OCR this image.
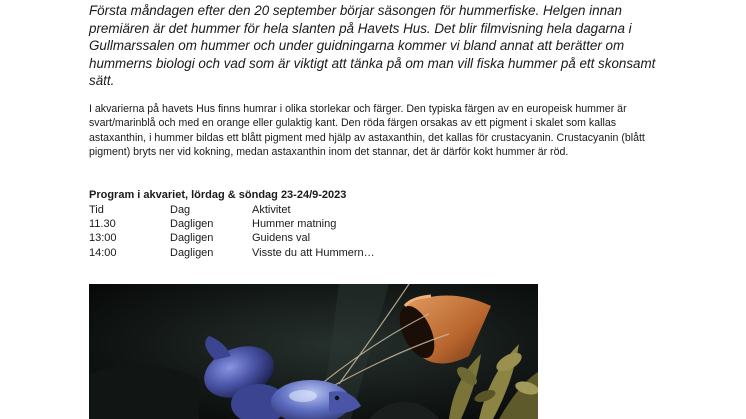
Första måndagen efter den 20 september börjar säsongen för hummerfiske. Helgen innan premiären är det hummer för hela slanten på Havets Hus. Det blir filmvisning hela dagarna i Gullmarssalen om hummer och under guidningarna kommer vi bland annat att berätter om hummerns biologi och vad som är viktigt att tänka på om man vill fiska hummer på ett skonsamt sätt.

I akvarierna på havets Hus finns humrar i olika storlekar och färger. Den typiska färgen av en europeisk hummer är svart/marinblå och med en orange eller gulaktig kant. Den röda färgen orsakas av ett pigment i skalet som kallas astaxanthin, i hummer bildas ett blått pigment med hjälp av astaxanthin, det kallas för crustacyanin. Crustacyanin (blått pigment) bryts ner vid kokning, medan astaxanthin inom det stannar, det är därför kokt hummer är röd.

Program i akvariet, lördag & söndag 23-24/9-2023

Tid	Dag	Aktivitet
11.30	Dagligen	Hummer matning
13:00	Dagligen	Guidens val
14:00	Dagligen	Visste du att Hummern…
